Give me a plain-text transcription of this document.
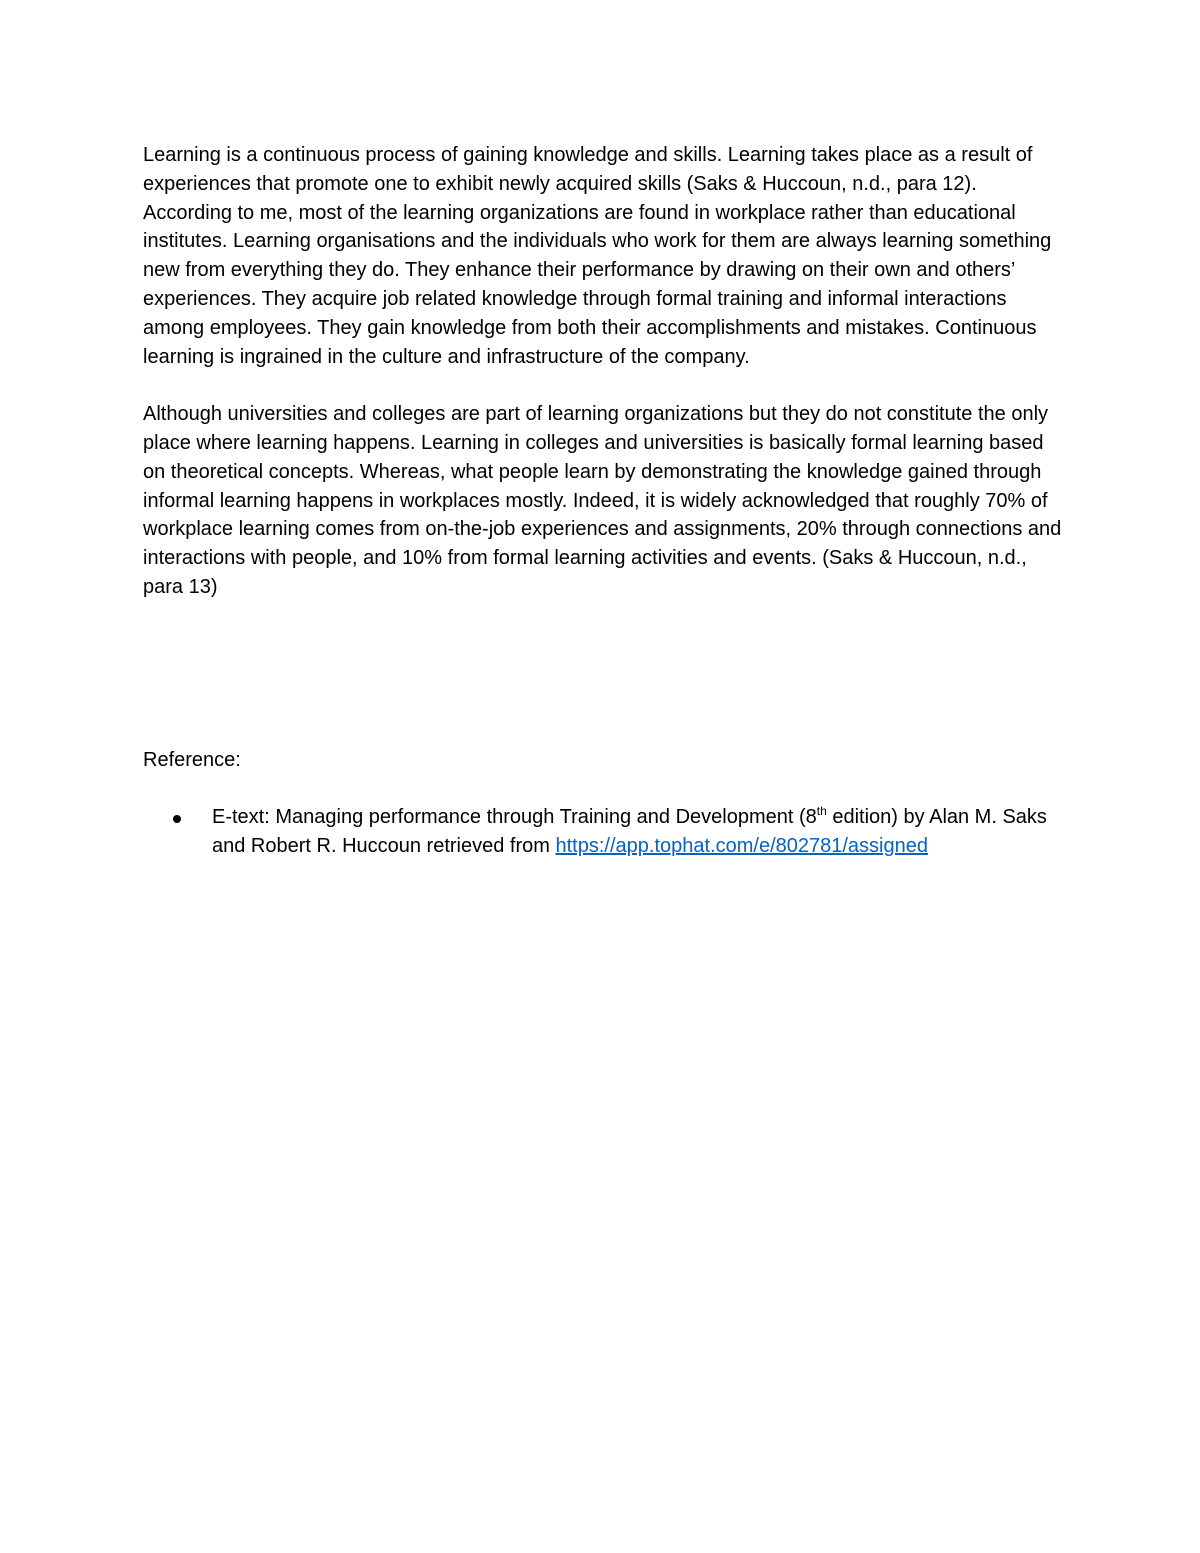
Learning is a continuous process of gaining knowledge and skills. Learning takes place as a result of experiences that promote one to exhibit newly acquired skills (Saks & Huccoun, n.d., para 12). According to me, most of the learning organizations are found in workplace rather than educational institutes. Learning organisations and the individuals who work for them are always learning something new from everything they do. They enhance their performance by drawing on their own and others’ experiences. They acquire job related knowledge through formal training and informal interactions among employees. They gain knowledge from both their accomplishments and mistakes. Continuous learning is ingrained in the culture and infrastructure of the company.

Although universities and colleges are part of learning organizations but they do not constitute the only place where learning happens. Learning in colleges and universities is basically formal learning based on theoretical concepts. Whereas, what people learn by demonstrating the knowledge gained through informal learning happens in workplaces mostly. Indeed, it is widely acknowledged that roughly 70% of workplace learning comes from on-the-job experiences and assignments, 20% through connections and interactions with people, and 10% from formal learning activities and events. (Saks & Huccoun, n.d., para 13)

Reference:

E-text: Managing performance through Training and Development (8th edition) by Alan M. Saks and Robert R. Huccoun retrieved from https://app.tophat.com/e/802781/assigned
